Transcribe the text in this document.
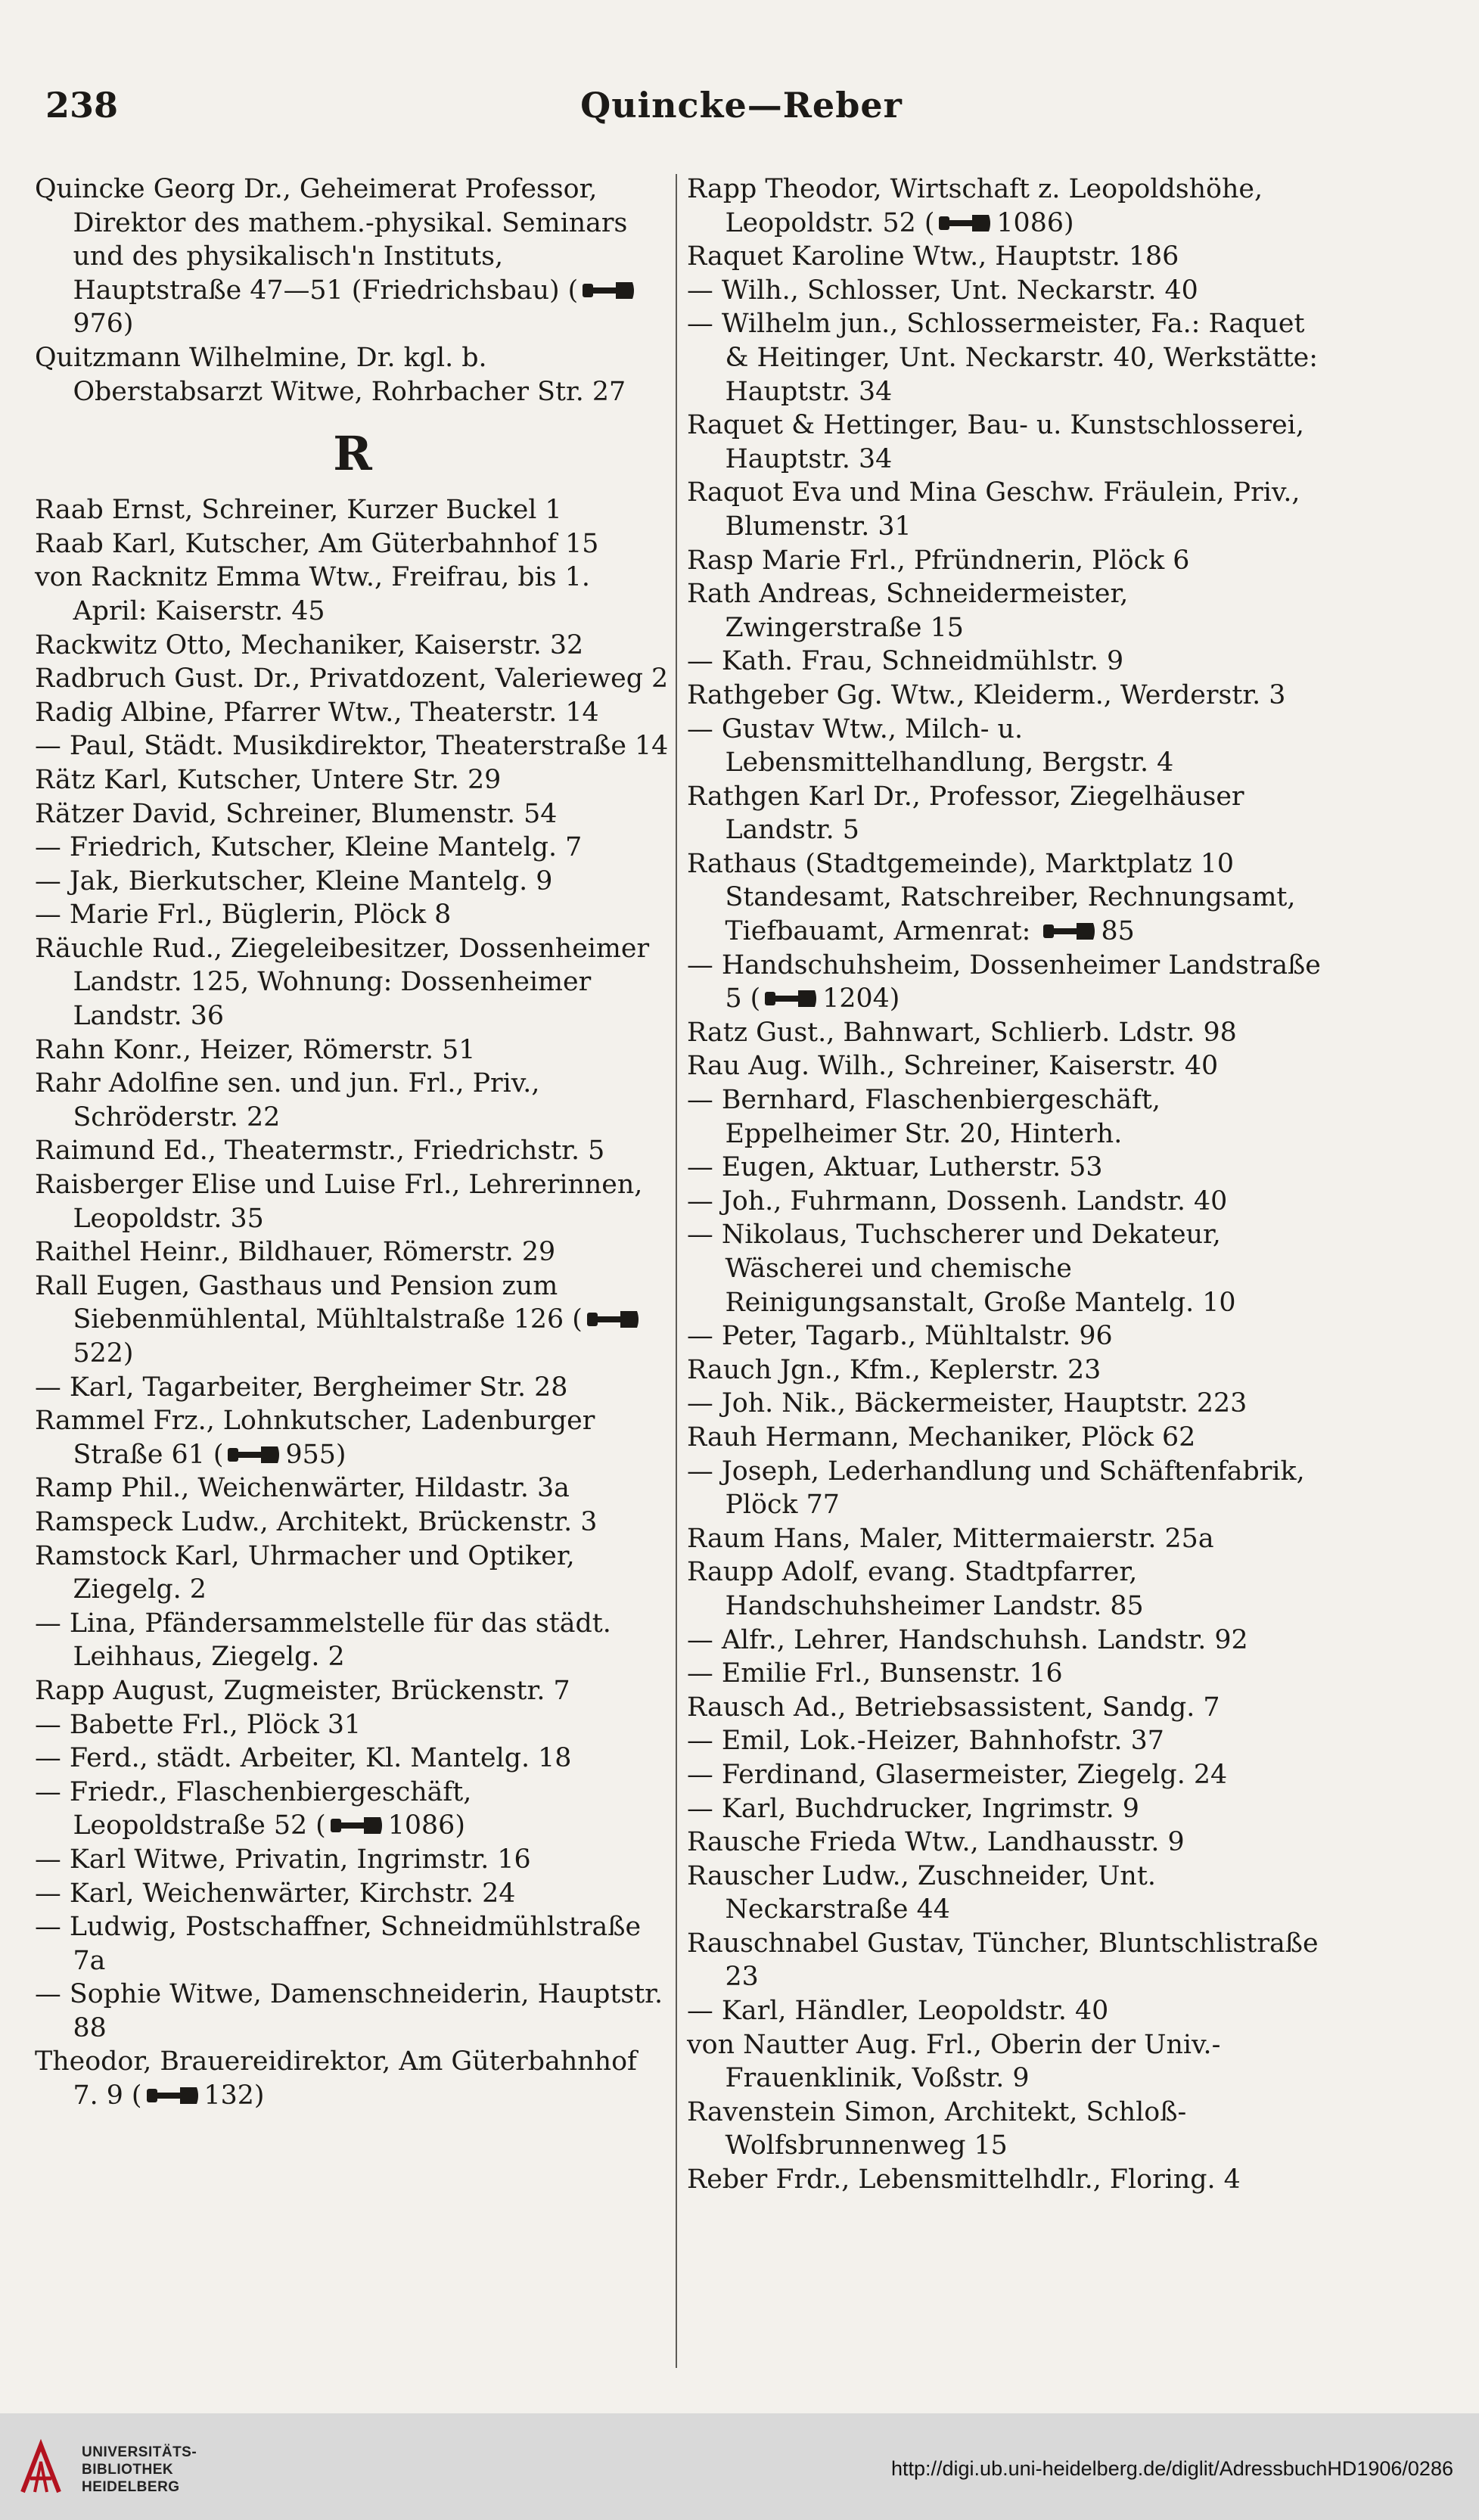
238	Quincke—Reber

Quincke Georg Dr., Geheimerat Professor, Direktor des mathem.-physikal. Seminars und des physikalisch'n Instituts, Hauptstraße 47—51 (Friedrichsbau) (976)

Quitzmann Wilhelmine, Dr. kgl. b. Oberstabsarzt Witwe, Rohrbacher Str. 27

R

Raab Ernst, Schreiner, Kurzer Buckel 1

Raab Karl, Kutscher, Am Güterbahnhof 15

von Racknitz Emma Wtw., Freifrau, bis 1. April: Kaiserstr. 45

Rackwitz Otto, Mechaniker, Kaiserstr. 32

Radbruch Gust. Dr., Privatdozent, Valerieweg 2

Radig Albine, Pfarrer Wtw., Theaterstr. 14

— Paul, Städt. Musikdirektor, Theaterstraße 14

Rätz Karl, Kutscher, Untere Str. 29

Rätzer David, Schreiner, Blumenstr. 54

— Friedrich, Kutscher, Kleine Mantelg. 7

— Jak, Bierkutscher, Kleine Mantelg. 9

— Marie Frl., Büglerin, Plöck 8

Räuchle Rud., Ziegeleibesitzer, Dossenheimer Landstr. 125, Wohnung: Dossenheimer Landstr. 36

Rahn Konr., Heizer, Römerstr. 51

Rahr Adolfine sen. und jun. Frl., Priv., Schröderstr. 22

Raimund Ed., Theatermstr., Friedrichstr. 5

Raisberger Elise und Luise Frl., Lehrerinnen, Leopoldstr. 35

Raithel Heinr., Bildhauer, Römerstr. 29

Rall Eugen, Gasthaus und Pension zum Siebenmühlental, Mühltalstraße 126 (522)

— Karl, Tagarbeiter, Bergheimer Str. 28

Rammel Frz., Lohnkutscher, Ladenburger Straße 61 ( 955)

Ramp Phil., Weichenwärter, Hildastr. 3a

Ramspeck Ludw., Architekt, Brückenstr. 3

Ramstock Karl, Uhrmacher und Optiker, Ziegelg. 2

— Lina, Pfändersammelstelle für das städt. Leihhaus, Ziegelg. 2

Rapp August, Zugmeister, Brückenstr. 7

— Babette Frl., Plöck 31

— Ferd., städt. Arbeiter, Kl. Mantelg. 18

— Friedr., Flaschenbiergeschäft, Leopoldstraße 52 ( 1086)

— Karl Witwe, Privatin, Ingrimstr. 16

— Karl, Weichenwärter, Kirchstr. 24

— Ludwig, Postschaffner, Schneidmühlstraße 7a

— Sophie Witwe, Damenschneiderin, Hauptstr. 88

Theodor, Brauereidirektor, Am Güterbahnhof 7. 9 ( 132)

Rapp Theodor, Wirtschaft z. Leopoldshöhe, Leopoldstr. 52 ( 1086)

Raquet Karoline Wtw., Hauptstr. 186

— Wilh., Schlosser, Unt. Neckarstr. 40

— Wilhelm jun., Schlossermeister, Fa.: Raquet & Heitinger, Unt. Neckarstr. 40, Werkstätte: Hauptstr. 34

Raquet & Hettinger, Bau- u. Kunstschlosserei, Hauptstr. 34

Raquot Eva und Mina Geschw. Fräulein, Priv., Blumenstr. 31

Rasp Marie Frl., Pfründnerin, Plöck 6

Rath Andreas, Schneidermeister, Zwingerstraße 15

— Kath. Frau, Schneidmühlstr. 9

Rathgeber Gg. Wtw., Kleiderm., Werderstr. 3

— Gustav Wtw., Milch- u. Lebensmittelhandlung, Bergstr. 4

Rathgen Karl Dr., Professor, Ziegelhäuser Landstr. 5

Rathaus (Stadtgemeinde), Marktplatz 10 Standesamt, Ratschreiber, Rechnungsamt, Tiefbauamt, Armenrat:	85

— Handschuhsheim, Dossenheimer Landstraße 5 ( 1204)

Ratz Gust., Bahnwart, Schlierb. Ldstr. 98

Rau Aug. Wilh., Schreiner, Kaiserstr. 40

— Bernhard, Flaschenbiergeschäft, Eppelheimer Str. 20, Hinterh.

— Eugen, Aktuar, Lutherstr. 53

— Joh., Fuhrmann, Dossenh. Landstr. 40

— Nikolaus, Tuchscherer und Dekateur, Wäscherei und chemische Reinigungsanstalt, Große Mantelg. 10

— Peter, Tagarb., Mühltalstr. 96

Rauch Jgn., Kfm., Keplerstr. 23

— Joh. Nik., Bäckermeister, Hauptstr. 223

Rauh Hermann, Mechaniker, Plöck 62

— Joseph, Lederhandlung und Schäftenfabrik, Plöck 77

Raum Hans, Maler, Mittermaierstr. 25a

Raupp Adolf, evang. Stadtpfarrer, Handschuhsheimer Landstr. 85

— Alfr., Lehrer, Handschuhsh. Landstr. 92

— Emilie Frl., Bunsenstr. 16

Rausch Ad., Betriebsassistent, Sandg. 7

— Emil, Lok.-Heizer, Bahnhofstr. 37

— Ferdinand, Glasermeister, Ziegelg. 24

— Karl, Buchdrucker, Ingrimstr. 9

Rausche Frieda Wtw., Landhausstr. 9

Rauscher Ludw., Zuschneider, Unt. Neckarstraße 44

Rauschnabel Gustav, Tüncher, Bluntschlistraße 23

— Karl, Händler, Leopoldstr. 40

von Nautter Aug. Frl., Oberin der Univ.-Frauenklinik, Voßstr. 9

Ravenstein Simon, Architekt, Schloß-Wolfsbrunnenweg 15

Reber Frdr., Lebensmittelhdlr., Floring. 4

UNIVERSITÄTS-
BIBLIOTHEK
HEIDELBERG
http://digi.ub.uni-heidelberg.de/diglit/AdressbuchHD1906/0286
